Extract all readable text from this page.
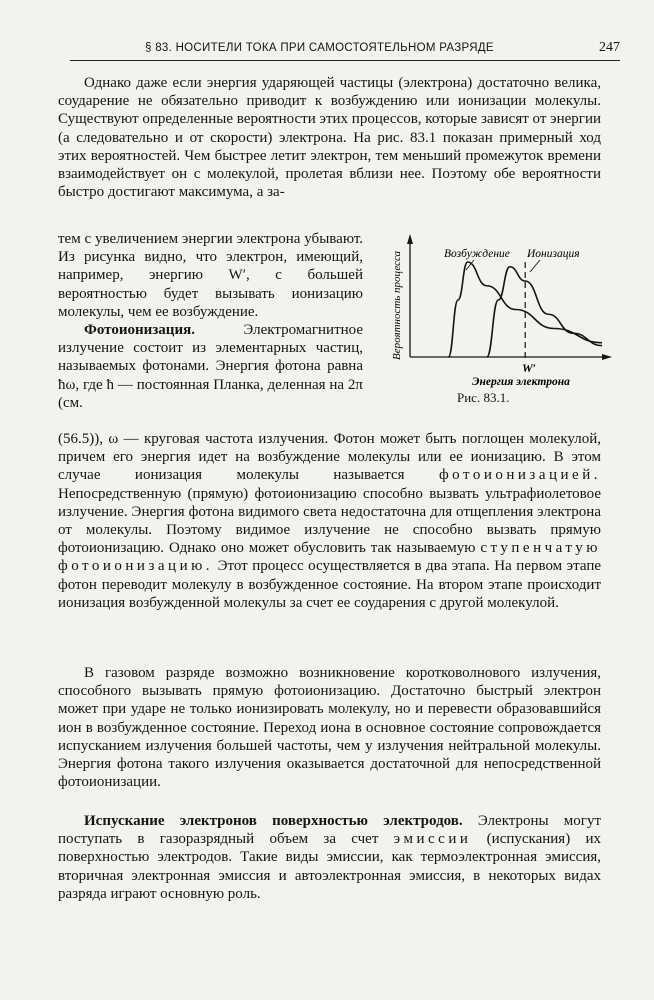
§ 83. НОСИТЕЛИ ТОКА ПРИ САМОСТОЯТЕЛЬНОМ РАЗРЯДЕ	247

Однако даже если энергия ударяющей частицы (электрона) достаточно велика, соударение не обязательно приводит к возбуждению или ионизации молекулы. Существуют определенные вероятности этих процессов, которые зависят от энергии (а следовательно и от скорости) электрона. На рис. 83.1 показан примерный ход этих вероятностей. Чем быстрее летит электрон, тем меньший промежуток времени взаимодействует он с молекулой, пролетая вблизи нее. Поэтому обе вероятности быстро достигают максимума, а за-

тем с увеличением энергии электрона убывают. Из рисунка видно, что электрон, имеющий, например, энергию W′, с большей вероятностью будет вызывать ионизацию молекулы, чем ее возбуждение.
Фотоионизация.	Электромагнитное излучение состоит из элементарных частиц, называемых фотонами. Энергия фотона равна ħω, где ħ — постоянная Планка, деленная на 2π (см.
Возбуждение Ионизация
W′
Энергия электрона
Вероятность процесса
Рис. 83.1.

(56.5)), ω — круговая частота излучения. Фотон может быть поглощен молекулой, причем его энергия идет на возбуждение молекулы или ее ионизацию. В этом случае ионизация молекулы называется фотоионизацией. Непосредственную (прямую) фотоионизацию способно вызвать ультрафиолетовое излучение. Энергия фотона видимого света недостаточна для отщепления электрона от молекулы. Поэтому видимое излучение не способно вызвать прямую фотоионизацию. Однако оно может обусловить так называемую ступенчатую фотоионизацию. Этот процесс осуществляется в два этапа. На первом этапе фотон переводит молекулу в возбужденное состояние. На втором этапе происходит ионизация возбужденной молекулы за счет ее соударения с другой молекулой.

В газовом разряде возможно возникновение коротковолнового излучения, способного вызывать прямую фотоионизацию. Достаточно быстрый электрон может при ударе не только ионизировать молекулу, но и перевести образовавшийся ион в возбужденное состояние. Переход иона в основное состояние сопровождается испусканием излучения большей частоты, чем у излучения нейтральной молекулы. Энергия фотона такого излучения оказывается достаточной для непосредственной фотоионизации.

Испускание электронов поверхностью электродов. Электроны могут поступать в газоразрядный объем за счет эмиссии (испускания) их поверхностью электродов. Такие виды эмиссии, как термоэлектронная эмиссия, вторичная электронная эмиссия и автоэлектронная эмиссия, в некоторых видах разряда играют основную роль.
